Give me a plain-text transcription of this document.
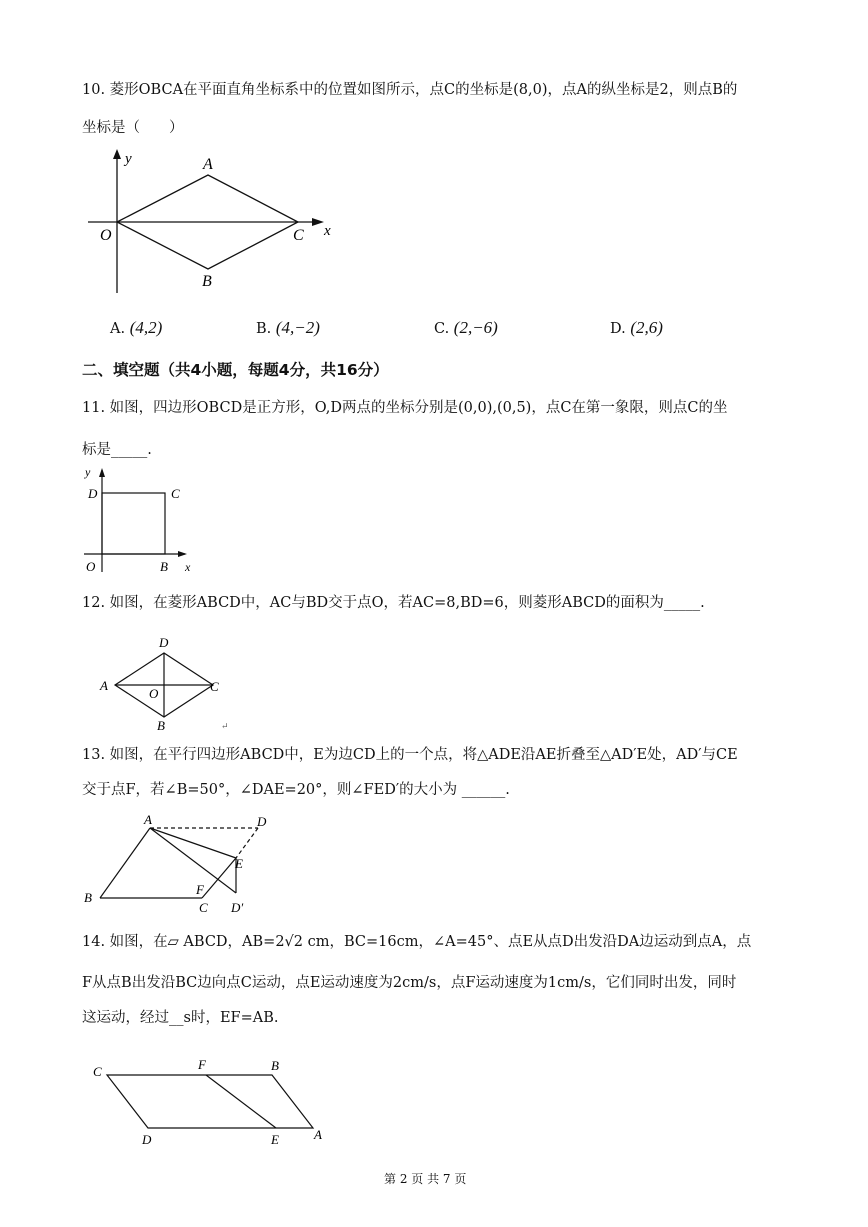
10. 菱形OBCA在平面直角坐标系中的位置如图所示，点C的坐标是(8,0)，点A的纵坐标是2，则点B的
坐标是（　　）
y
x
O
A
C
B
A. (4,2)	B. (4,−2)	C. (2,−6)	D. (2,6)
二、填空题（共4小题，每题4分，共16分）
11. 如图，四边形OBCD是正方形，O,D两点的坐标分别是(0,0),(0,5)，点C在第一象限，则点C的坐
标是_____.
y
x
D	C
O	B
12. 如图，在菱形ABCD中，AC与BD交于点O，若AC=8,BD=6，则菱形ABCD的面积为_____.
D
A	C
O
B	↵
13. 如图，在平行四边形ABCD中，E为边CD上的一个点，将△ADE沿AE折叠至△AD′E处，AD′与CE
交于点F，若∠B=50°，∠DAE=20°，则∠FED′的大小为 ______.
A	D
E
F
B
C D′
14. 如图，在▱ ABCD，AB=2√2 cm，BC=16cm，∠A=45°、点E从点D出发沿DA边运动到点A，点
F从点B出发沿BC边向点C运动，点E运动速度为2cm/s，点F运动速度为1cm/s，它们同时出发，同时
这运动，经过__s时，EF=AB.
C	F	B
D	E	A
第 2 页 共 7 页
